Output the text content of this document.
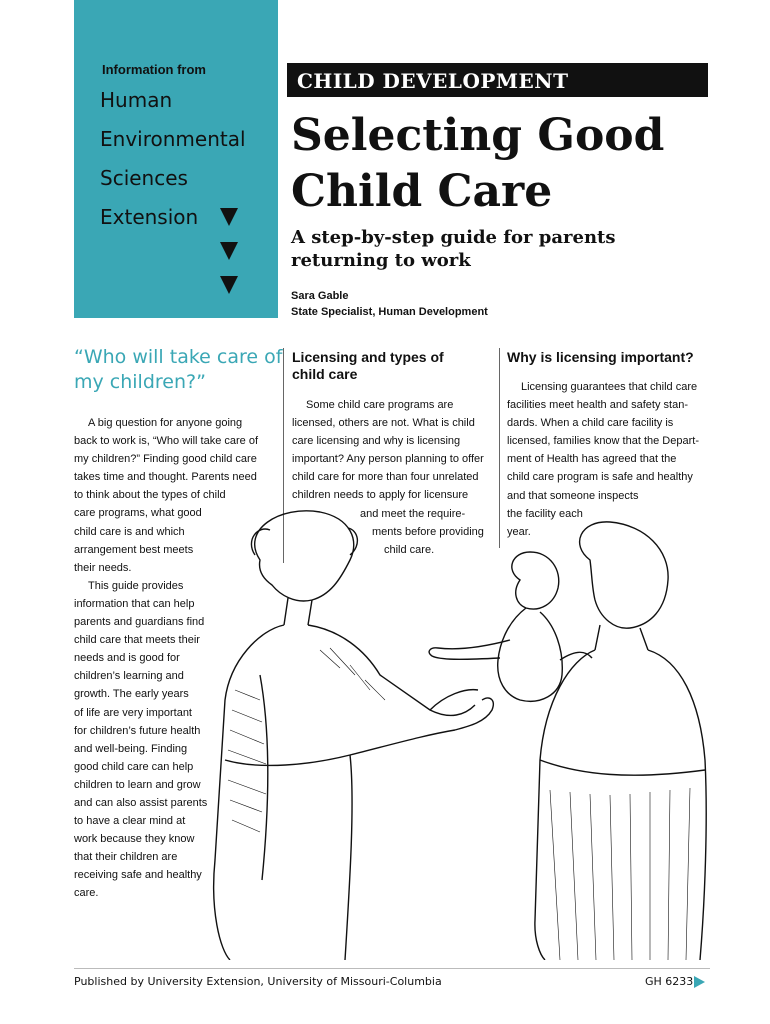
Information from
Human
Environmental
Sciences
Extension
CHILD DEVELOPMENT
Selecting Good
Child Care
A step-by-step guide for parents
returning to work
Sara Gable
State Specialist, Human Development
“Who will take care of my children?”

A big question for anyone going
back to work is, “Who will take care of
my children?” Finding good child care
takes time and thought. Parents need
to think about the types of child
care programs, what good
child care is and which
arrangement best meets
their needs.

This guide provides
information that can help
parents and guardians find
child care that meets their
needs and is good for
children’s learning and
growth. The early years
of life are very important
for children’s future health
and well-being. Finding
good child care can help
children to learn and grow
and can also assist parents
to have a clear mind at
work because they know
that their children are
receiving safe and healthy
care.

Licensing and types of
child care

Some child care programs are
licensed, others are not. What is child
care licensing and why is licensing
important? Any person planning to offer
child care for more than four unrelated
children needs to apply for licensure
and meet the require-
ments before providing
child care.

Why is licensing important?

Licensing guarantees that child care
facilities meet health and safety stan-
dards. When a child care facility is
licensed, families know that the Depart-
ment of Health has agreed that the
child care program is safe and healthy
and that someone inspects
the facility each
year.

Published by University Extension, University of Missouri-Columbia	GH 6233
